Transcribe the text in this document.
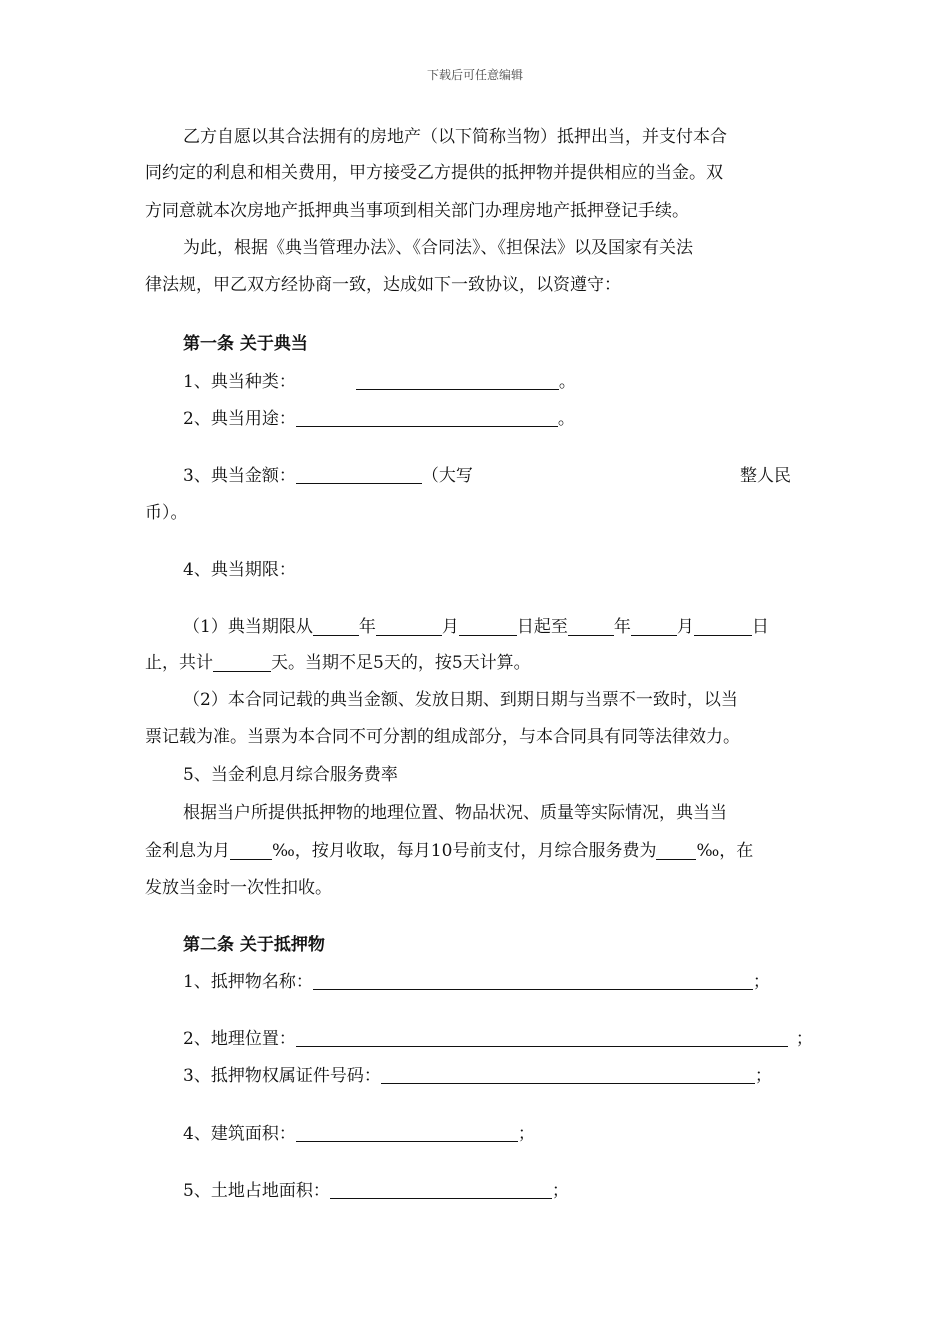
下载后可任意编辑
乙方自愿以其合法拥有的房地产（以下简称当物）抵押出当，并支付本合
同约定的利息和相关费用，甲方接受乙方提供的抵押物并提供相应的当金。双
方同意就本次房地产抵押典当事项到相关部门办理房地产抵押登记手续。
为此，根据《典当管理办法》、《合同法》、《担保法》以及国家有关法
律法规，甲乙双方经协商一致，达成如下一致协议，以资遵守：
第一条 关于典当
1、典当种类：	。
2、典当用途：	。
3、典当金额：	（大写	整人民
币）。
4、典当期限：
（1）典当期限从	年	月	日起至	年	月	日
止，共计	天。当期不足5天的，按5天计算。
（2）本合同记载的典当金额、发放日期、到期日期与当票不一致时，以当
票记载为准。当票为本合同不可分割的组成部分，与本合同具有同等法律效力。
5、当金利息月综合服务费率
根据当户所提供抵押物的地理位置、物品状况、质量等实际情况，典当当
金利息为月 ‰，按月收取，每月10号前支付，月综合服务费为 ‰，在
发放当金时一次性扣收。
第二条 关于抵押物
1、抵押物名称：	；
2、地理位置：	；
3、抵押物权属证件号码：	；
4、建筑面积：	；
5、土地占地面积：	；
